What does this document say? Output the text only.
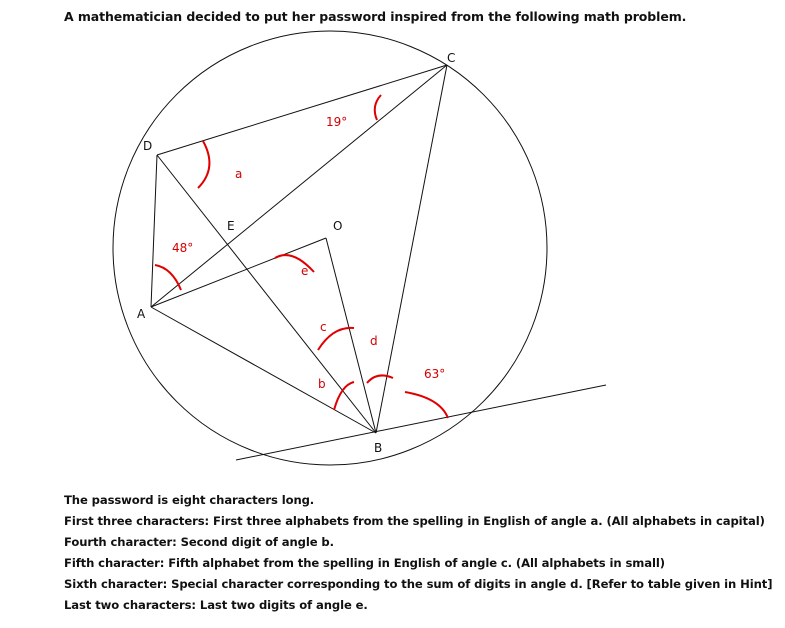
A mathematician decided to put her password inspired from the following math problem.
C
D
E	O
A
B
19°
a
48°
e
c
d
b
63°
The password is eight characters long.
First three characters: First three alphabets from the spelling in English of angle a. (All alphabets in capital)
Fourth character: Second digit of angle b.
Fifth character: Fifth alphabet from the spelling in English of angle c. (All alphabets in small)
Sixth character: Special character corresponding to the sum of digits in angle d. [Refer to table given in Hint]
Last two characters: Last two digits of angle e.
